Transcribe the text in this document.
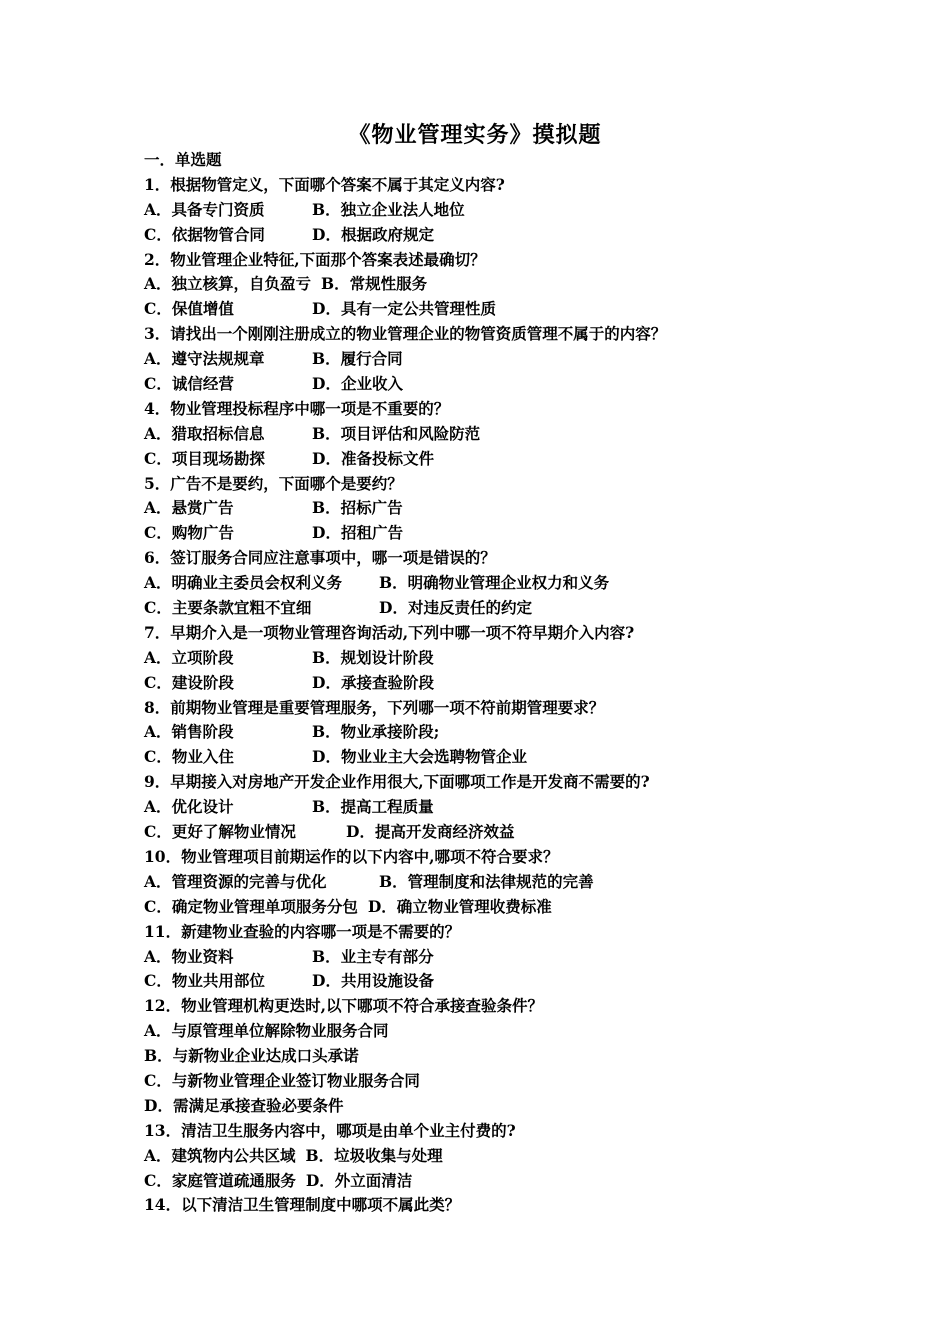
《物业管理实务》摸拟题
一．单选题
1．根据物管定义，下面哪个答案不属于其定义内容?
A．具备专门资质	B．独立企业法人地位
C．依据物管合同	D．根据政府规定
2．物业管理企业特征,下面那个答案表述最确切？
A．独立核算，自负盈亏 B．常规性服务
C．保值增值	D．具有一定公共管理性质
3．请找出一个刚刚注册成立的物业管理企业的物管资质管理不属于的内容？
A．遵守法规规章	B．履行合同
C．诚信经营	D．企业收入
4．物业管理投标程序中哪一项是不重要的？
A．猎取招标信息	B．项目评估和风险防范
C．项目现场勘探	D．准备投标文件
5．广告不是要约，下面哪个是要约？
A．悬赏广告	B．招标广告
C．购物广告	D．招租广告
6．签订服务合同应注意事项中，哪一项是错误的？
A．明确业主委员会权利义务 B．明确物业管理企业权力和义务
C．主要条款宜粗不宜细	D．对违反责任的约定
7．早期介入是一项物业管理咨询活动,下列中哪一项不符早期介入内容?
A．立项阶段	B．规划设计阶段
C．建设阶段	D．承接查验阶段
8．前期物业管理是重要管理服务，下列哪一项不符前期管理要求？
A．销售阶段	B．物业承接阶段;
C．物业入住	D．物业业主大会选聘物管企业
9．早期接入对房地产开发企业作用很大,下面哪项工作是开发商不需要的?
A．优化设计	B．提高工程质量
C．更好了解物业情况	D．提高开发商经济效益
10．物业管理项目前期运作的以下内容中,哪项不符合要求？
A．管理资源的完善与优化	B．管理制度和法律规范的完善
C．确定物业管理单项服务分包 D．确立物业管理收费标准
11．新建物业查验的内容哪一项是不需要的？
A．物业资料	B．业主专有部分
C．物业共用部位	D．共用设施设备
12．物业管理机构更迭时,以下哪项不符合承接查验条件？
A．与原管理单位解除物业服务合同
B．与新物业企业达成口头承诺
C．与新物业管理企业签订物业服务合同
D．需满足承接查验必要条件
13．清洁卫生服务内容中，哪项是由单个业主付费的?
A．建筑物内公共区域 B．垃圾收集与处理
C．家庭管道疏通服务 D．外立面清洁
14．以下清洁卫生管理制度中哪项不属此类？
